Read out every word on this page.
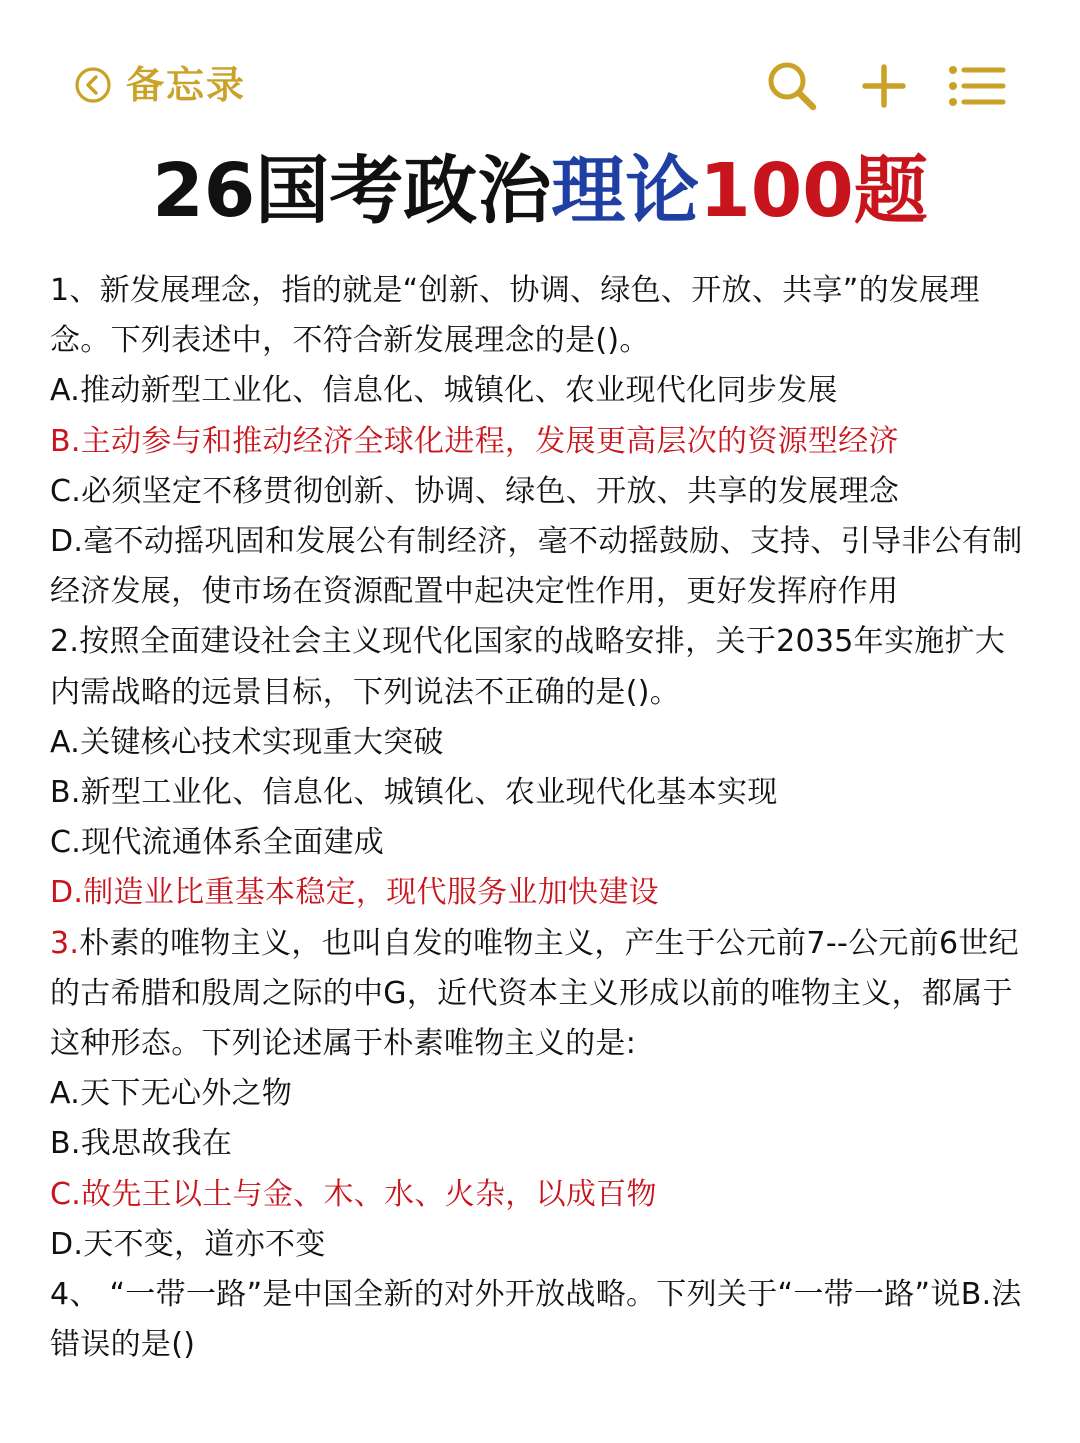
备忘录
26国考政治理论100题

1、新发展理念，指的就是“创新、协调、绿色、开放、共享”的发展理念。下列表述中，不符合新发展理念的是()。

A.推动新型工业化、信息化、城镇化、农业现代化同步发展

B.主动参与和推动经济全球化进程，发展更高层次的资源型经济

C.必须坚定不移贯彻创新、协调、绿色、开放、共享的发展理念

D.毫不动摇巩固和发展公有制经济，毫不动摇鼓励、支持、引导非公有制经济发展，使市场在资源配置中起决定性作用，更好发挥府作用

2.按照全面建设社会主义现代化国家的战略安排，关于2035年实施扩大内需战略的远景目标，下列说法不正确的是()。

A.关键核心技术实现重大突破

B.新型工业化、信息化、城镇化、农业现代化基本实现

C.现代流通体系全面建成

D.制造业比重基本稳定，现代服务业加快建设

3.朴素的唯物主义，也叫自发的唯物主义，产生于公元前7--公元前6世纪的古希腊和殷周之际的中G，近代资本主义形成以前的唯物主义，都属于这种形态。下列论述属于朴素唯物主义的是:

A.天下无心外之物

B.我思故我在

C.故先王以土与金、木、水、火杂，以成百物

D.天不变，道亦不变

4、 “一带一路”是中国全新的对外开放战略。下列关于“一带一路”说B.法错误的是()
